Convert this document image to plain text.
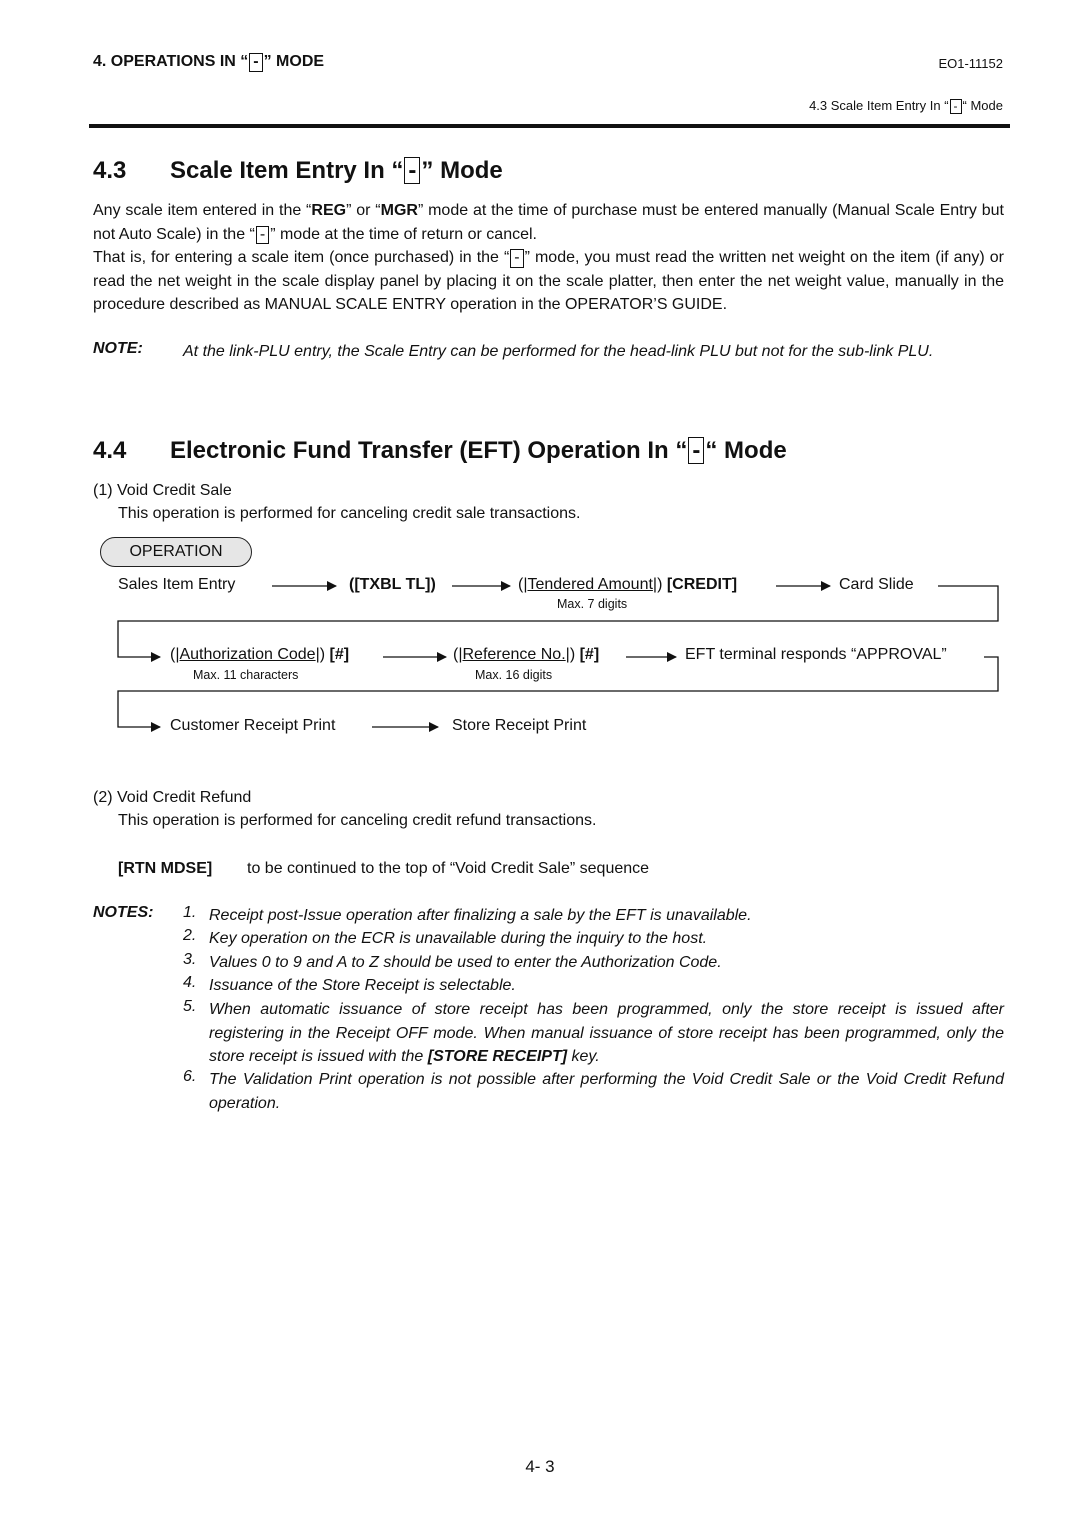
4. OPERATIONS IN “ - ” MODE	EO1-11152
4.3 Scale Item Entry In “ - “ Mode
4.3 Scale Item Entry In “ - ” Mode
Any scale item entered in the “REG” or “MGR” mode at the time of purchase must be entered manually (Manual Scale Entry but not Auto Scale) in the “ - ” mode at the time of return or cancel.
That is, for entering a scale item (once purchased) in the “ - ” mode, you must read the written net weight on the item (if any) or read the net weight in the scale display panel by placing it on the scale platter, then enter the net weight value, manually in the procedure described as MANUAL SCALE ENTRY operation in the OPERATOR’S GUIDE.
NOTE:	At the link-PLU entry, the Scale Entry can be performed for the head-link PLU but not for the sub-link PLU.
4.4 Electronic Fund Transfer (EFT) Operation In “ - “ Mode
(1) Void Credit Sale
This operation is performed for canceling credit sale transactions.
OPERATION
Sales Item Entry	([TXBL TL])	(|Tendered Amount|) [CREDIT]	Card Slide
Max. 7 digits
(|Authorization Code|) [#]
Max. 11 characters
(|Reference No.|) [#]
Max. 16 digits
EFT terminal responds “APPROVAL”
Customer Receipt Print	Store Receipt Print
(2) Void Credit Refund
This operation is performed for canceling credit refund transactions.
[RTN MDSE] to be continued to the top of “Void Credit Sale” sequence
NOTES: 1. Receipt post-Issue operation after finalizing a sale by the EFT is unavailable.
2. Key operation on the ECR is unavailable during the inquiry to the host.
3. Values 0 to 9 and A to Z should be used to enter the Authorization Code.
4. Issuance of the Store Receipt is selectable.
5. When automatic issuance of store receipt has been programmed, only the store receipt is issued after registering in the Receipt OFF mode. When manual issuance of store receipt has been programmed, only the store receipt is issued with the [STORE RECEIPT] key.
6. The Validation Print operation is not possible after performing the Void Credit Sale or the Void Credit Refund operation.
4- 3
